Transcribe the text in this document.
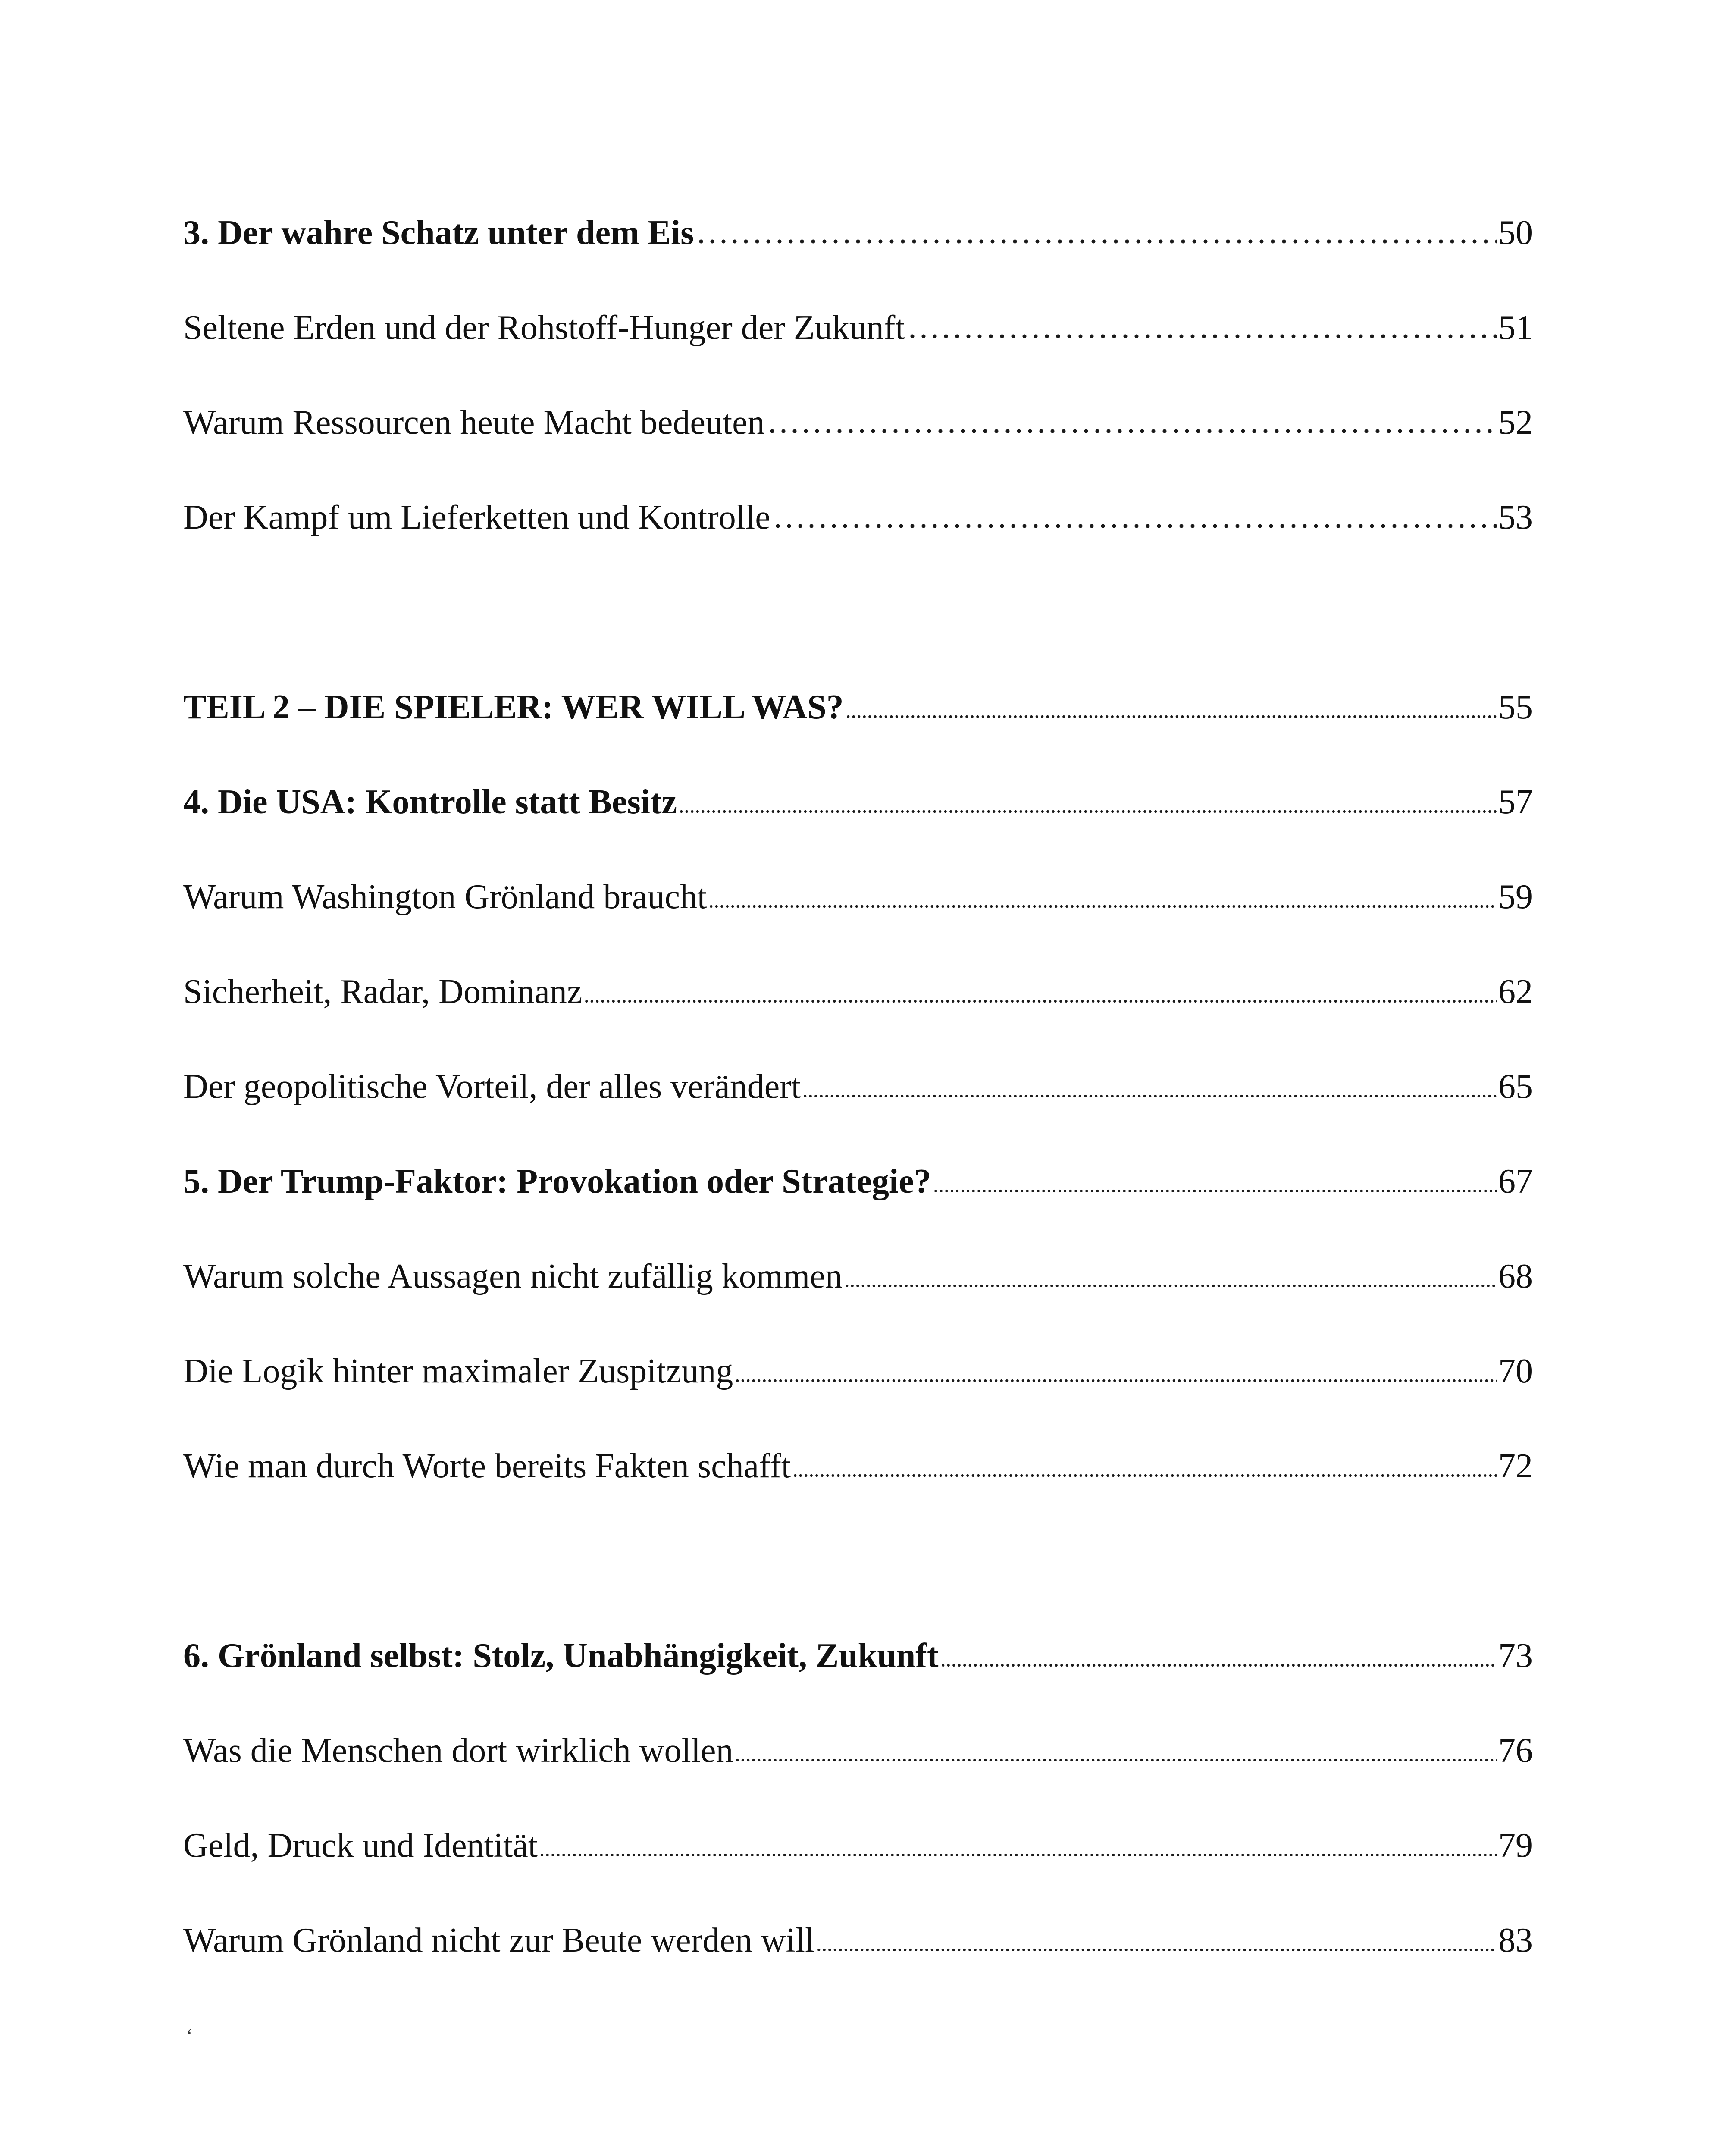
3. Der wahre Schatz unter dem Eis	50
Seltene Erden und der Rohstoff-Hunger der Zukunft	51
Warum Ressourcen heute Macht bedeuten	52
Der Kampf um Lieferketten und Kontrolle	53
TEIL 2 – DIE SPIELER: WER WILL WAS?	55
4. Die USA: Kontrolle statt Besitz	57
Warum Washington Grönland braucht	59
Sicherheit, Radar, Dominanz	62
Der geopolitische Vorteil, der alles verändert	65
5. Der Trump-Faktor: Provokation oder Strategie?	67
Warum solche Aussagen nicht zufällig kommen	68
Die Logik hinter maximaler Zuspitzung	70
Wie man durch Worte bereits Fakten schafft	72
6. Grönland selbst: Stolz, Unabhängigkeit, Zukunft	73
Was die Menschen dort wirklich wollen	76
Geld, Druck und Identität	79
Warum Grönland nicht zur Beute werden will	83
‘
